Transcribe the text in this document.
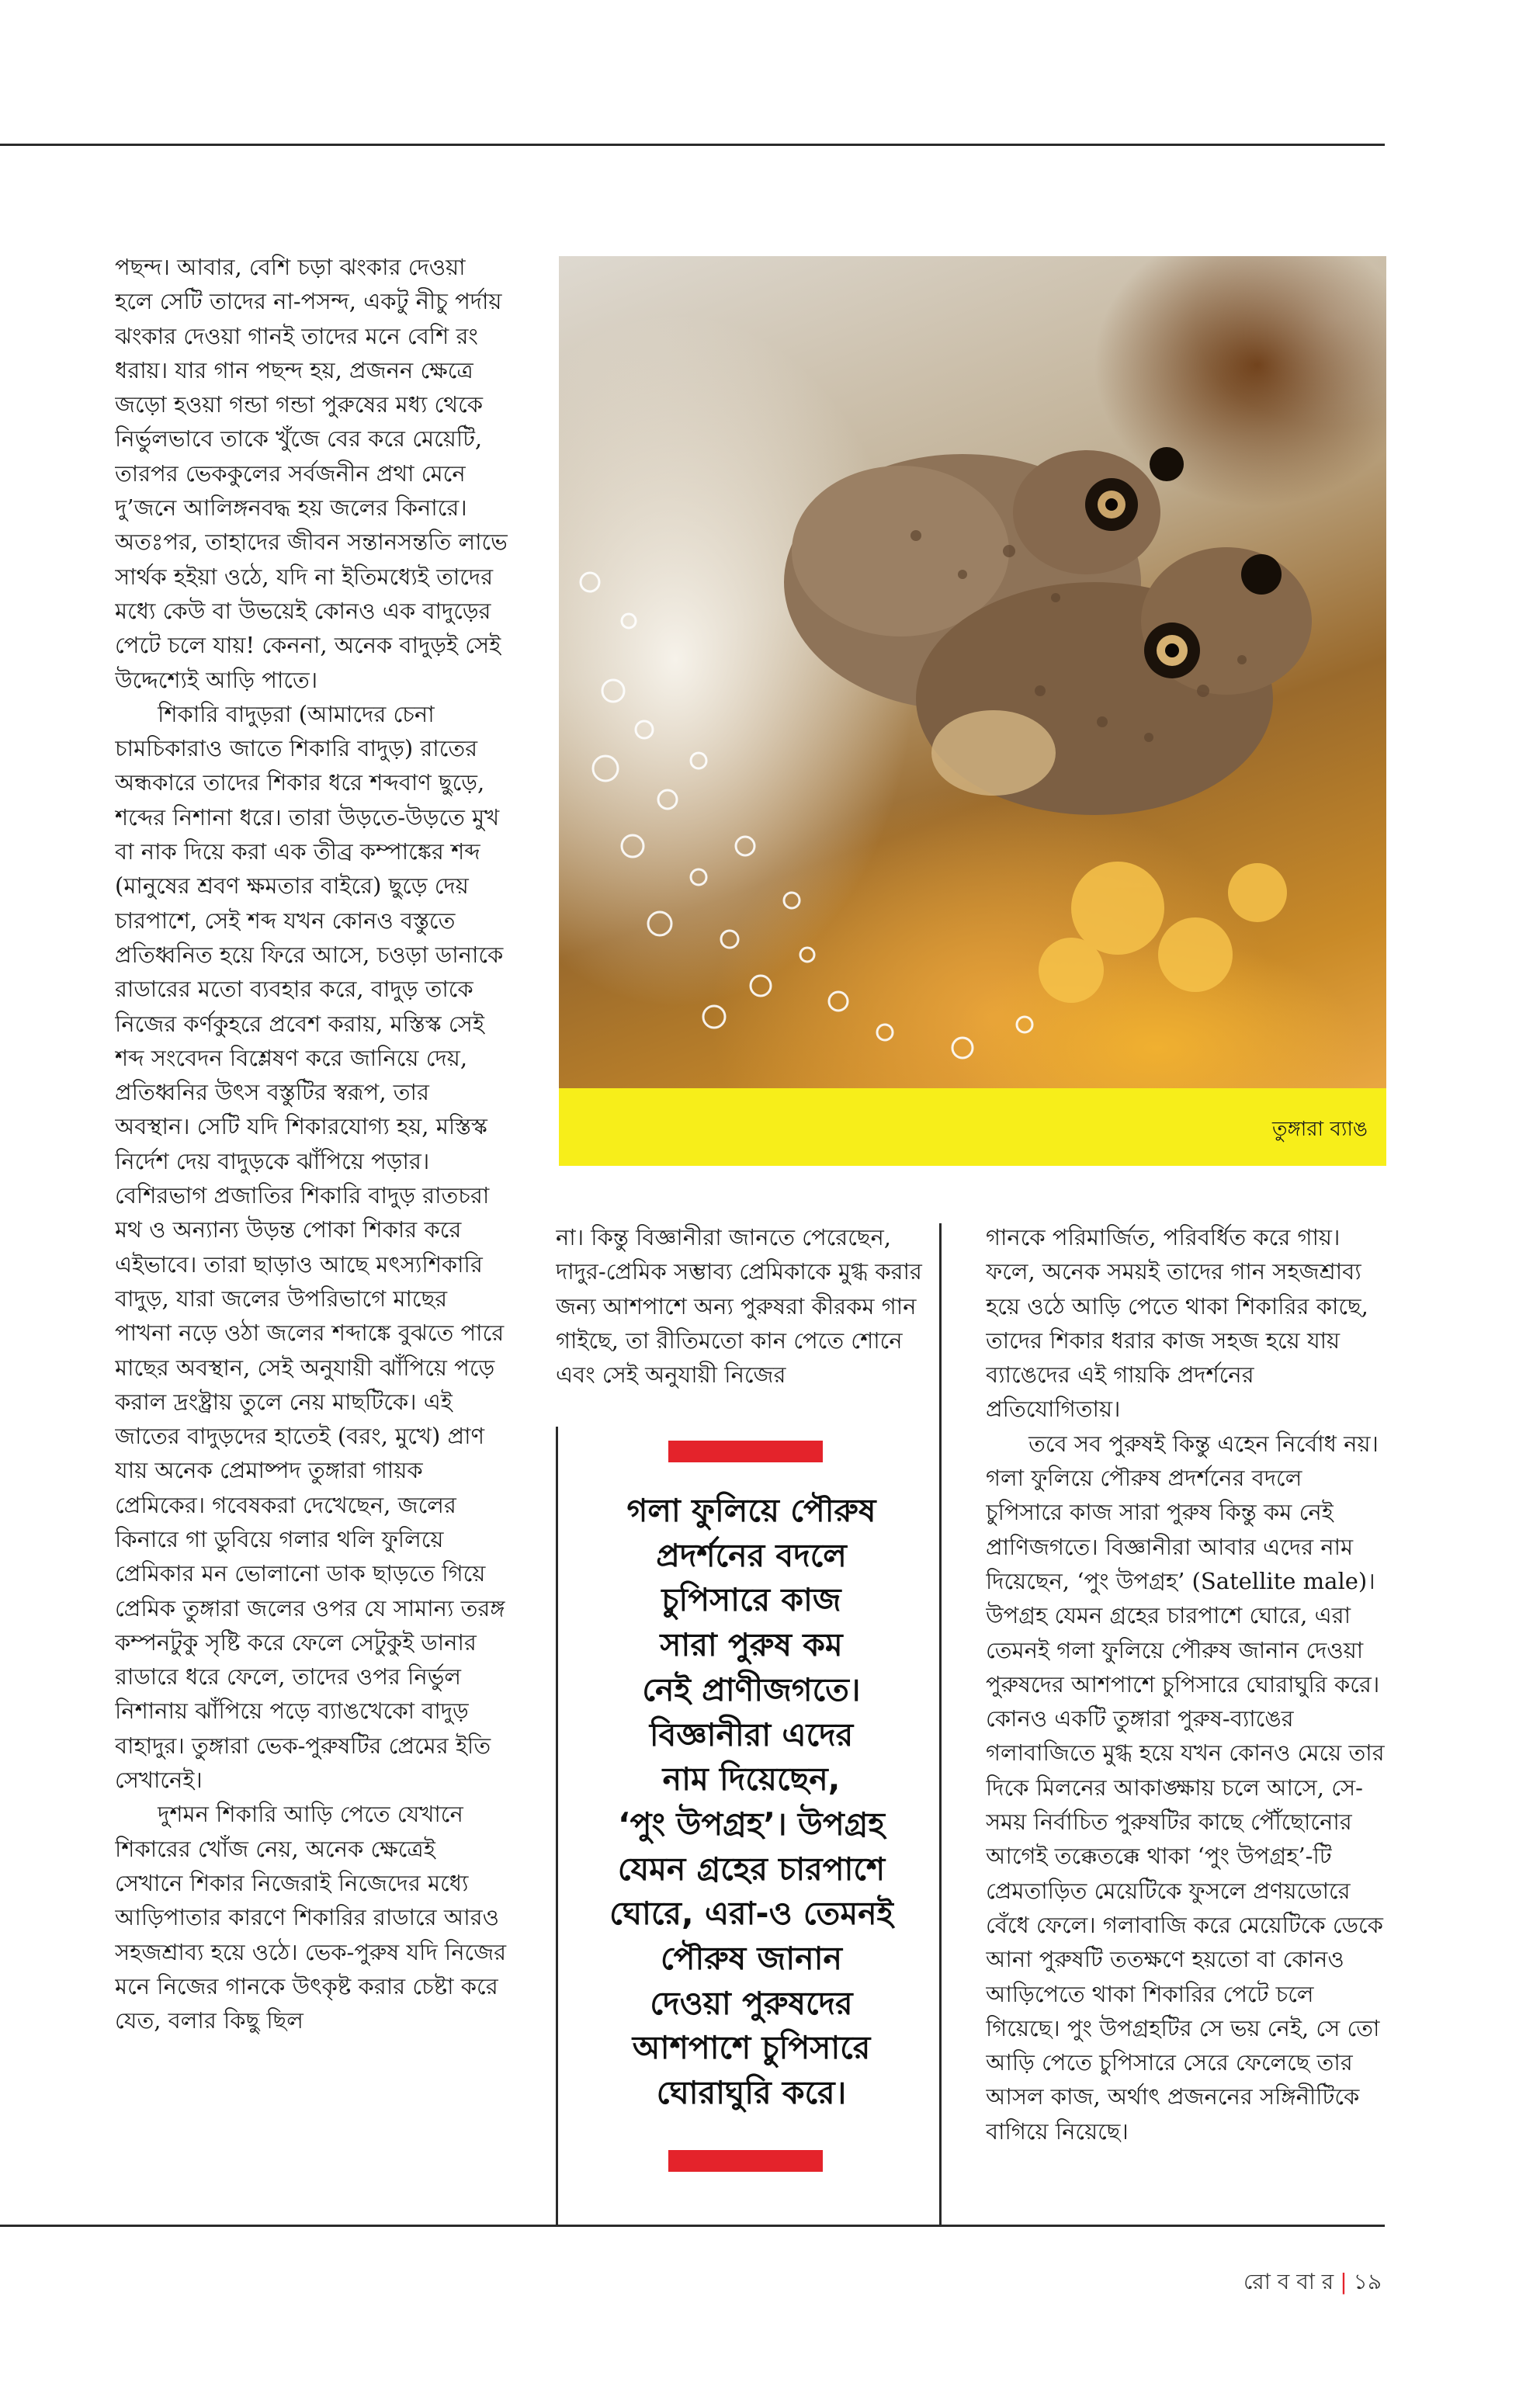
পছন্দ। আবার, বেশি চড়া ঝংকার দেওয়া হলে সেটি তাদের না-পসন্দ, একটু নীচু পর্দায় ঝংকার দেওয়া গানই তাদের মনে বেশি রং ধরায়। যার গান পছন্দ হয়, প্রজনন ক্ষেত্রে জড়ো হওয়া গন্ডা গন্ডা পুরুষের মধ্য থেকে নির্ভুলভাবে তাকে খুঁজে বের করে মেয়েটি, তারপর ভেককুলের সর্বজনীন প্রথা মেনে দু’জনে আলিঙ্গনবদ্ধ হয় জলের কিনারে। অতঃপর, তাহাদের জীবন সন্তানসন্ততি লাভে সার্থক হইয়া ওঠে, যদি না ইতিমধ্যেই তাদের মধ্যে কেউ বা উভয়েই কোনও এক বাদুড়ের পেটে চলে যায়! কেননা, অনেক বাদুড়ই সেই উদ্দেশ্যেই আড়ি পাতে।

শিকারি বাদুড়রা (আমাদের চেনা চামচিকারাও জাতে শিকারি বাদুড়) রাতের অন্ধকারে তাদের শিকার ধরে শব্দবাণ ছুড়ে, শব্দের নিশানা ধরে। তারা উড়তে-উড়তে মুখ বা নাক দিয়ে করা এক তীব্র কম্পাঙ্কের শব্দ (মানুষের শ্রবণ ক্ষমতার বাইরে) ছুড়ে দেয় চারপাশে, সেই শব্দ যখন কোনও বস্তুতে প্রতিধ্বনিত হয়ে ফিরে আসে, চওড়া ডানাকে রাডারের মতো ব্যবহার করে, বাদুড় তাকে নিজের কর্ণকুহরে প্রবেশ করায়, মস্তিস্ক সেই শব্দ সংবেদন বিশ্লেষণ করে জানিয়ে দেয়, প্রতিধ্বনির উৎস বস্তুটির স্বরূপ, তার অবস্থান। সেটি যদি শিকারযোগ্য হয়, মস্তিস্ক নির্দেশ দেয় বাদুড়কে ঝাঁপিয়ে পড়ার। বেশিরভাগ প্রজাতির শিকারি বাদুড় রাতচরা মথ ও অন্যান্য উড়ন্ত পোকা শিকার করে এইভাবে। তারা ছাড়াও আছে মৎস্যশিকারি বাদুড়, যারা জলের উপরিভাগে মাছের পাখনা নড়ে ওঠা জলের শব্দাঙ্কে বুঝতে পারে মাছের অবস্থান, সেই অনুযায়ী ঝাঁপিয়ে পড়ে করাল দ্রংষ্ট্রায় তুলে নেয় মাছটিকে। এই জাতের বাদুড়দের হাতেই (বরং, মুখে) প্রাণ যায় অনেক প্রেমাষ্পদ তুঙ্গারা গায়ক প্রেমিকের। গবেষকরা দেখেছেন, জলের কিনারে গা ডুবিয়ে গলার থলি ফুলিয়ে প্রেমিকার মন ভোলানো ডাক ছাড়তে গিয়ে প্রেমিক তুঙ্গারা জলের ওপর যে সামান্য তরঙ্গ কম্পনটুকু সৃষ্টি করে ফেলে সেটুকুই ডানার রাডারে ধরে ফেলে, তাদের ওপর নির্ভুল নিশানায় ঝাঁপিয়ে পড়ে ব্যাঙখেকো বাদুড় বাহাদুর। তুঙ্গারা ভেক-পুরুষটির প্রেমের ইতি সেখানেই।

দুশমন শিকারি আড়ি পেতে যেখানে শিকারের খোঁজ নেয়, অনেক ক্ষেত্রেই সেখানে শিকার নিজেরাই নিজেদের মধ্যে আড়িপাতার কারণে শিকারির রাডারে আরও সহজশ্রাব্য হয়ে ওঠে। ভেক-পুরুষ যদি নিজের মনে নিজের গানকে উৎকৃষ্ট করার চেষ্টা করে যেত, বলার কিছু ছিল

তুঙ্গারা ব্যাঙ

না। কিন্তু বিজ্ঞানীরা জানতে পেরেছেন, দাদুর-প্রেমিক সম্ভাব্য প্রেমিকাকে মুগ্ধ করার জন্য আশপাশে অন্য পুরুষরা কীরকম গান গাইছে, তা রীতিমতো কান পেতে শোনে এবং সেই অনুযায়ী নিজের

গলা ফুলিয়ে পৌরুষ

প্রদর্শনের বদলে

চুপিসারে কাজ

সারা পুরুষ কম

নেই প্রাণীজগতে।

বিজ্ঞানীরা এদের

নাম দিয়েছেন,

‘পুং উপগ্রহ’। উপগ্রহ

যেমন গ্রহের চারপাশে

ঘোরে, এরা-ও তেমনই

পৌরুষ জানান

দেওয়া পুরুষদের

আশপাশে চুপিসারে

ঘোরাঘুরি করে।

গানকে পরিমার্জিত, পরিবর্ধিত করে গায়। ফলে, অনেক সময়ই তাদের গান সহজশ্রাব্য হয়ে ওঠে আড়ি পেতে থাকা শিকারির কাছে, তাদের শিকার ধরার কাজ সহজ হয়ে যায় ব্যাঙেদের এই গায়কি প্রদর্শনের প্রতিযোগিতায়।

তবে সব পুরুষই কিন্তু এহেন নির্বোধ নয়। গলা ফুলিয়ে পৌরুষ প্রদর্শনের বদলে চুপিসারে কাজ সারা পুরুষ কিন্তু কম নেই প্রাণিজগতে। বিজ্ঞানীরা আবার এদের নাম দিয়েছেন, ‘পুং উপগ্রহ’ (Satellite male)। উপগ্রহ যেমন গ্রহের চারপাশে ঘোরে, এরা তেমনই গলা ফুলিয়ে পৌরুষ জানান দেওয়া পুরুষদের আশপাশে চুপিসারে ঘোরাঘুরি করে। কোনও একটি তুঙ্গারা পুরুষ-ব্যাঙের গলাবাজিতে মুগ্ধ হয়ে যখন কোনও মেয়ে তার দিকে মিলনের আকাঙ্ক্ষায় চলে আসে, সে-সময় নির্বাচিত পুরুষটির কাছে পৌঁছোনোর আগেই তক্কেতক্কে থাকা ‘পুং উপগ্রহ’-টি প্রেমতাড়িত মেয়েটিকে ফুসলে প্রণয়ডোরে বেঁধে ফেলে। গলাবাজি করে মেয়েটিকে ডেকে আনা পুরুষটি ততক্ষণে হয়তো বা কোনও আড়িপেতে থাকা শিকারির পেটে চলে গিয়েছে। পুং উপগ্রহটির সে ভয় নেই, সে তো আড়ি পেতে চুপিসারে সেরে ফেলেছে তার আসল কাজ, অর্থাৎ প্রজননের সঙ্গিনীটিকে বাগিয়ে নিয়েছে।

রো ব বা র | ১৯
